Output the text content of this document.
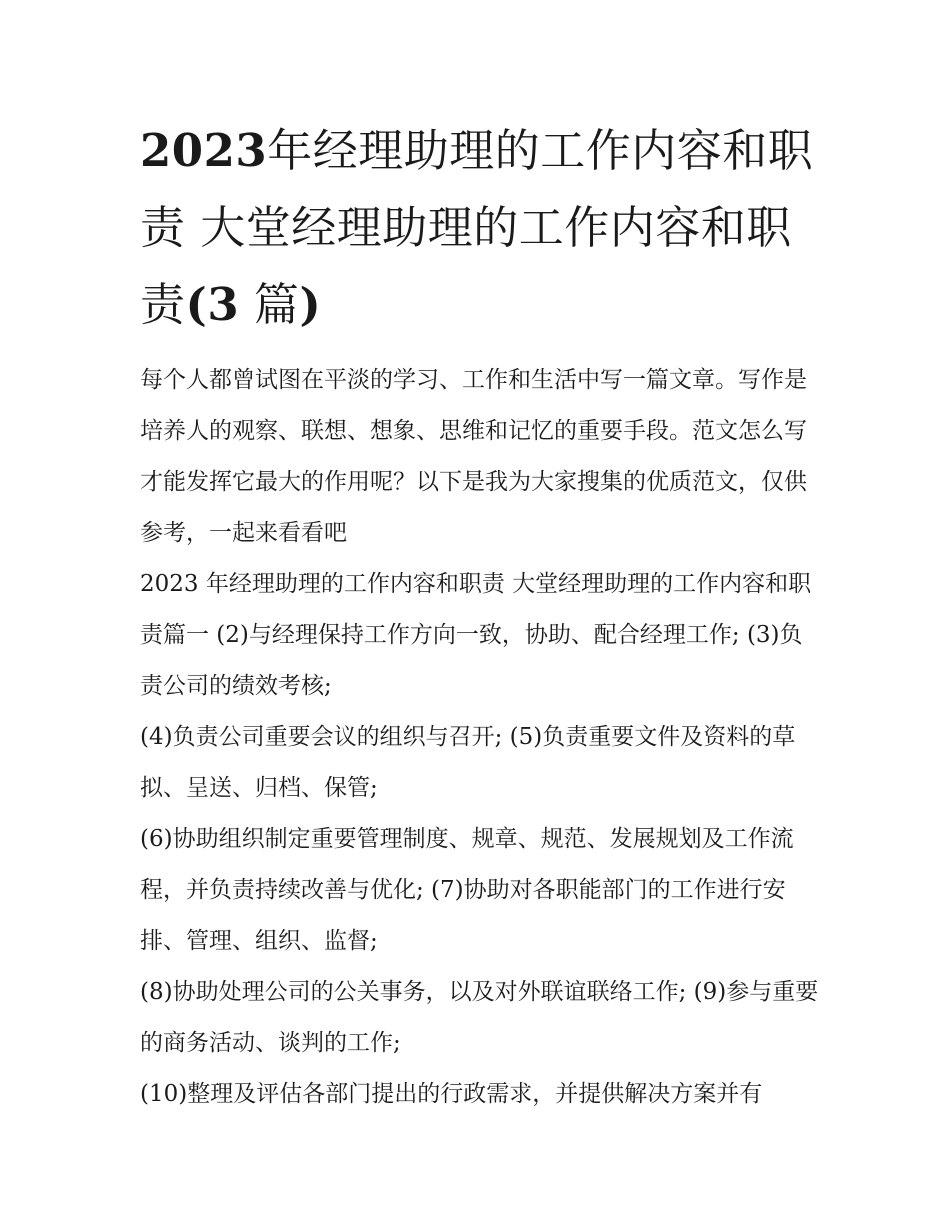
2023年经理助理的工作内容和职责 大堂经理助理的工作内容和职责(3 篇)

每个人都曾试图在平淡的学习、工作和生活中写一篇文章。写作是培养人的观察、联想、想象、思维和记忆的重要手段。范文怎么写才能发挥它最大的作用呢？以下是我为大家搜集的优质范文，仅供参考，一起来看看吧

2023 年经理助理的工作内容和职责 大堂经理助理的工作内容和职责篇一 (2)与经理保持工作方向一致，协助、配合经理工作; (3)负责公司的绩效考核;

(4)负责公司重要会议的组织与召开; (5)负责重要文件及资料的草拟、呈送、归档、保管;

(6)协助组织制定重要管理制度、规章、规范、发展规划及工作流程，并负责持续改善与优化; (7)协助对各职能部门的工作进行安排、管理、组织、监督;

(8)协助处理公司的公关事务，以及对外联谊联络工作; (9)参与重要的商务活动、谈判的工作;

(10)整理及评估各部门提出的行政需求，并提供解决方案并有
